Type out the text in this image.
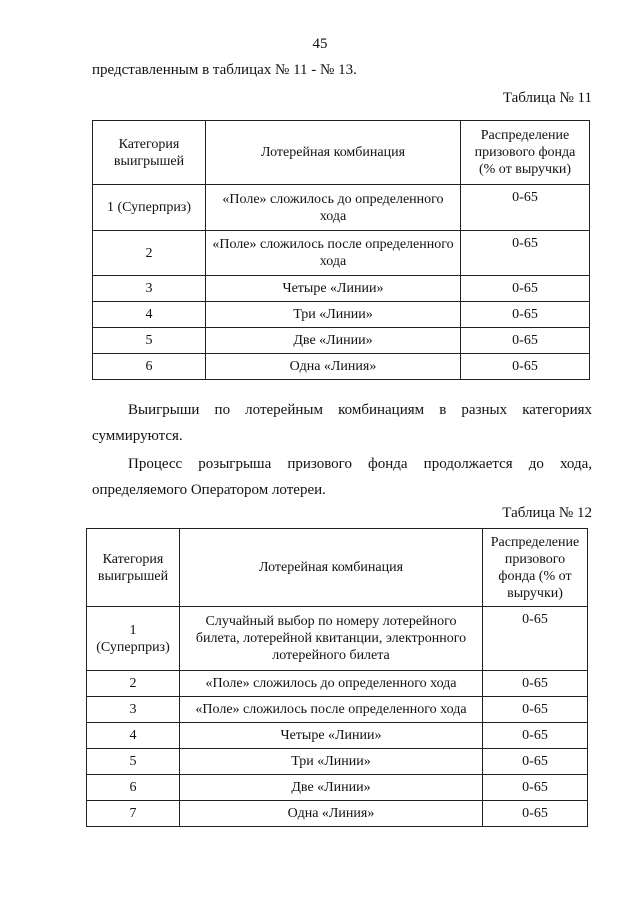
45
представленным в таблицах № 11 - № 13.
Таблица № 11
Категория выигрышей	Лотерейная комбинация	Распределение призового фонда (% от выручки)
1 (Суперприз)	«Поле» сложилось до определенного хода	0-65
2	«Поле» сложилось после определенного хода	0-65
3	Четыре «Линии»	0-65
4	Три «Линии»	0-65
5	Две «Линии»	0-65
6	Одна «Линия»	0-65
Выигрыши по лотерейным комбинациям в разных категориях
суммируются.
Процесс розыгрыша призового фонда продолжается до хода,
определяемого Оператором лотереи.
Таблица № 12
Категория выигрышей	Лотерейная комбинация	Распределение призового фонда (% от выручки)
1 (Суперприз)	Случайный выбор по номеру лотерейного билета, лотерейной квитанции, электронного лотерейного билета	0-65
2	«Поле» сложилось до определенного хода	0-65
3	«Поле» сложилось после определенного хода	0-65
4	Четыре «Линии»	0-65
5	Три «Линии»	0-65
6	Две «Линии»	0-65
7	Одна «Линия»	0-65
